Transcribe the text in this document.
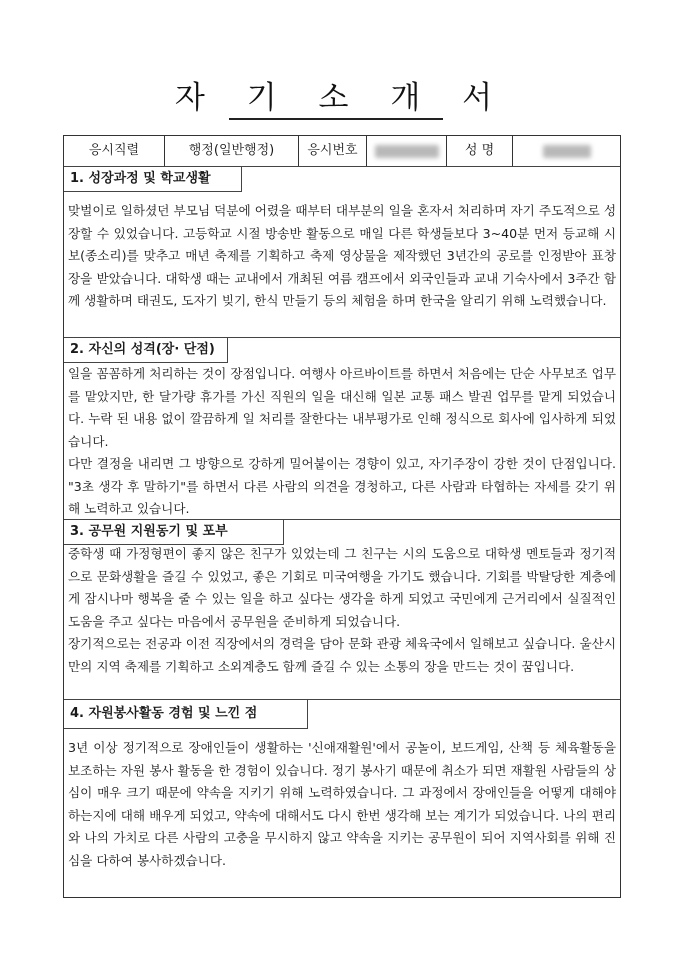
자 기 소 개 서
응시직렬	행정(일반행정)	응시번호	성 명
1. 성장과정 및 학교생활

맞벌이로 일하셨던 부모님 덕분에 어렸을 때부터 대부분의 일을 혼자서 처리하며 자기 주도적으로 성장할 수 있었습니다. 고등학교 시절 방송반 활동으로 매일 다른 학생들보다 3~40분 먼저 등교해 시보(종소리)를 맞추고 매년 축제를 기획하고 축제 영상물을 제작했던 3년간의 공로를 인정받아 표창장을 받았습니다. 대학생 때는 교내에서 개최된 여름 캠프에서 외국인들과 교내 기숙사에서 3주간 함께 생활하며 태권도, 도자기 빚기, 한식 만들기 등의 체험을 하며 한국을 알리기 위해 노력했습니다.

2. 자신의 성격(장· 단점)

일을 꼼꼼하게 처리하는 것이 장점입니다. 여행사 아르바이트를 하면서 처음에는 단순 사무보조 업무를 맡았지만, 한 달가량 휴가를 가신 직원의 일을 대신해 일본 교통 패스 발권 업무를 맡게 되었습니다. 누락 된 내용 없이 깔끔하게 일 처리를 잘한다는 내부평가로 인해 정식으로 회사에 입사하게 되었습니다.

다만 결정을 내리면 그 방향으로 강하게 밀어붙이는 경향이 있고, 자기주장이 강한 것이 단점입니다. "3초 생각 후 말하기"를 하면서 다른 사람의 의견을 경청하고, 다른 사람과 타협하는 자세를 갖기 위해 노력하고 있습니다.

3. 공무원 지원동기 및 포부

중학생 때 가정형편이 좋지 않은 친구가 있었는데 그 친구는 시의 도움으로 대학생 멘토들과 정기적으로 문화생활을 즐길 수 있었고, 좋은 기회로 미국여행을 가기도 했습니다. 기회를 박탈당한 계층에게 잠시나마 행복을 줄 수 있는 일을 하고 싶다는 생각을 하게 되었고 국민에게 근거리에서 실질적인 도움을 주고 싶다는 마음에서 공무원을 준비하게 되었습니다.

장기적으로는 전공과 이전 직장에서의 경력을 담아 문화 관광 체육국에서 일해보고 싶습니다. 울산시만의 지역 축제를 기획하고 소외계층도 함께 즐길 수 있는 소통의 장을 만드는 것이 꿈입니다.

4. 자원봉사활동 경험 및 느낀 점

3년 이상 정기적으로 장애인들이 생활하는 '신애재활원'에서 공놀이, 보드게임, 산책 등 체육활동을 보조하는 자원 봉사 활동을 한 경험이 있습니다. 정기 봉사기 때문에 취소가 되면 재활원 사람들의 상심이 매우 크기 때문에 약속을 지키기 위해 노력하였습니다. 그 과정에서 장애인들을 어떻게 대해야 하는지에 대해 배우게 되었고, 약속에 대해서도 다시 한번 생각해 보는 계기가 되었습니다. 나의 편리와 나의 가치로 다른 사람의 고충을 무시하지 않고 약속을 지키는 공무원이 되어 지역사회를 위해 진심을 다하여 봉사하겠습니다.
